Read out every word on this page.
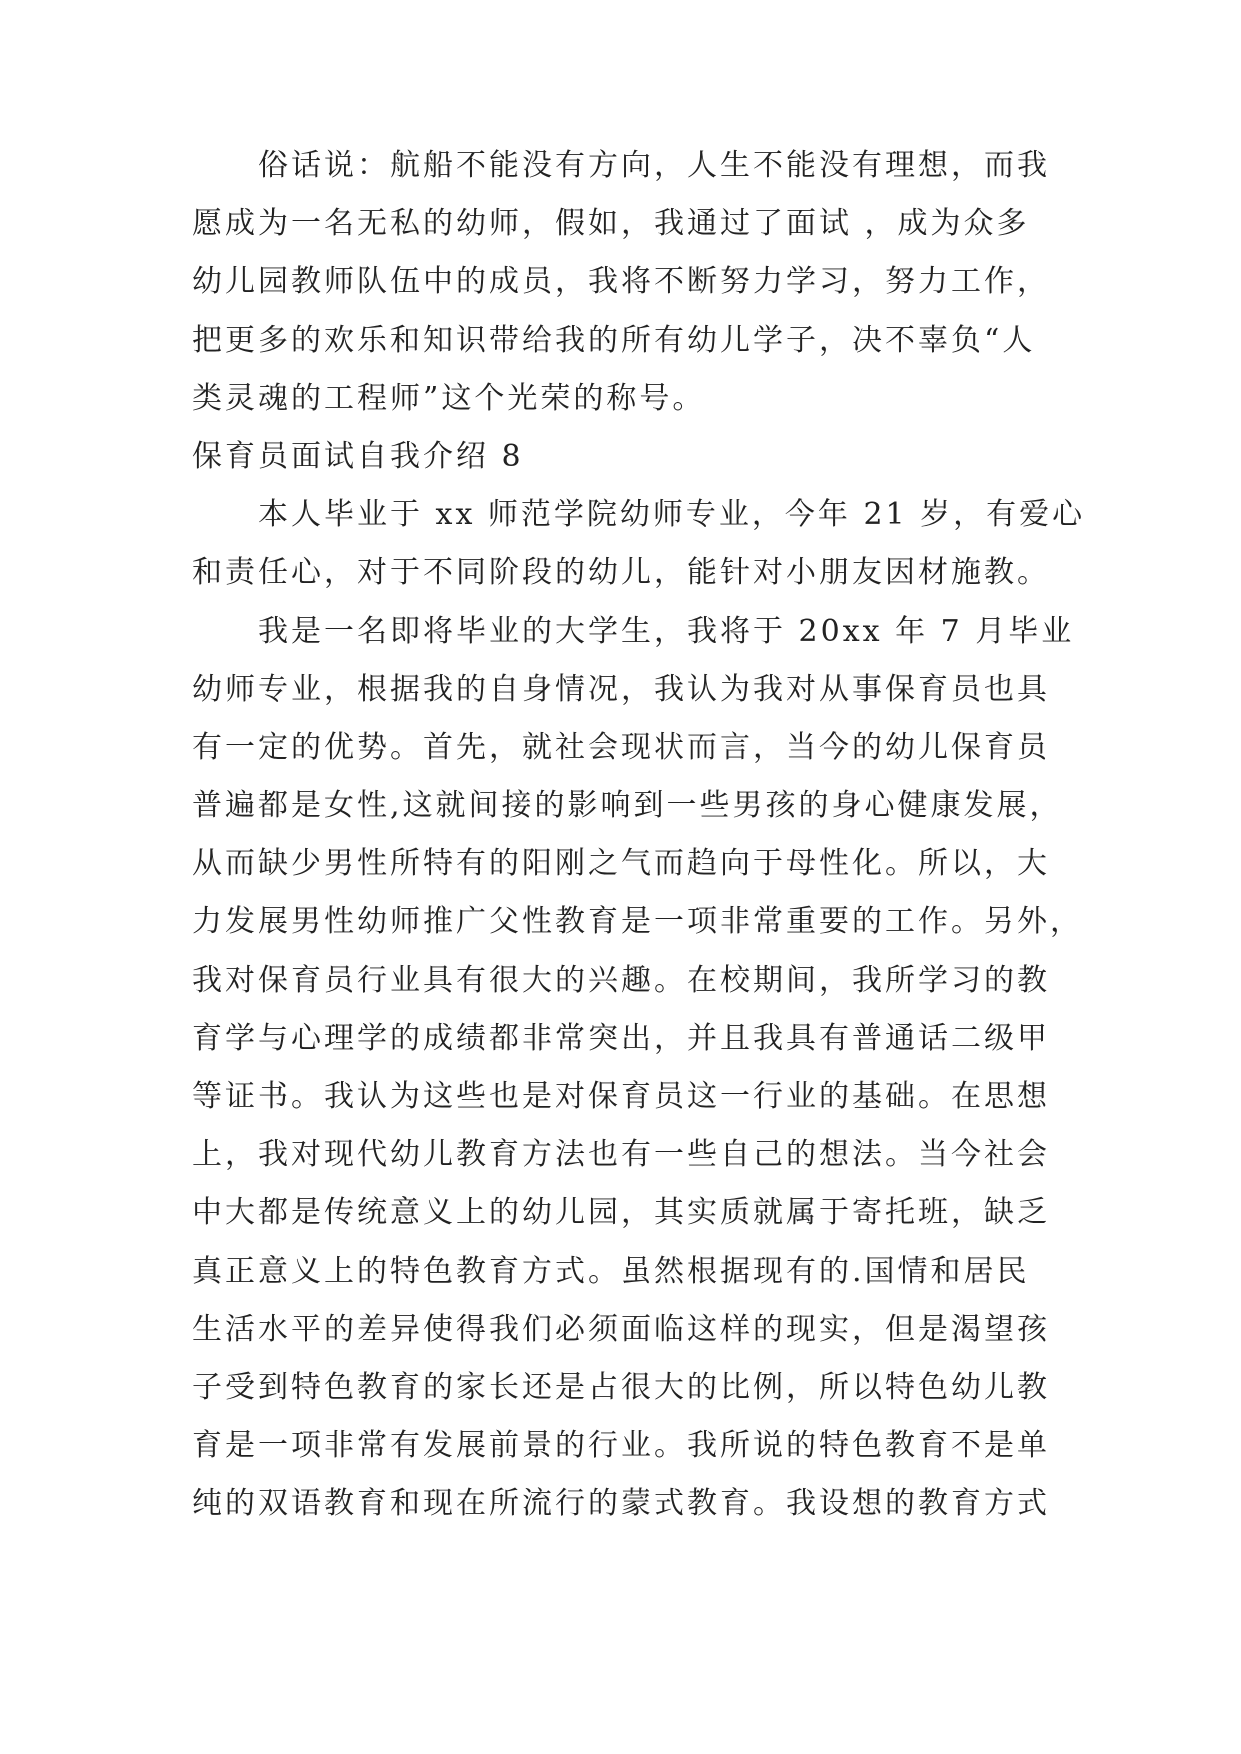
俗话说：航船不能没有方向，人生不能没有理想，而我
愿成为一名无私的幼师，假如，我通过了面试 ，成为众多
幼儿园教师队伍中的成员，我将不断努力学习，努力工作，
把更多的欢乐和知识带给我的所有幼儿学子，决不辜负“人
类灵魂的工程师”这个光荣的称号。
保育员面试自我介绍 8
本人毕业于 xx 师范学院幼师专业，今年 21 岁，有爱心
和责任心，对于不同阶段的幼儿，能针对小朋友因材施教。
我是一名即将毕业的大学生，我将于 20xx 年 7 月毕业
幼师专业，根据我的自身情况，我认为我对从事保育员也具
有一定的优势。首先，就社会现状而言，当今的幼儿保育员
普遍都是女性,这就间接的影响到一些男孩的身心健康发展，
从而缺少男性所特有的阳刚之气而趋向于母性化。所以，大
力发展男性幼师推广父性教育是一项非常重要的工作。另外，
我对保育员行业具有很大的兴趣。在校期间，我所学习的教
育学与心理学的成绩都非常突出，并且我具有普通话二级甲
等证书。我认为这些也是对保育员这一行业的基础。在思想
上，我对现代幼儿教育方法也有一些自己的想法。当今社会
中大都是传统意义上的幼儿园，其实质就属于寄托班，缺乏
真正意义上的特色教育方式。虽然根据现有的.国情和居民
生活水平的差异使得我们必须面临这样的现实，但是渴望孩
子受到特色教育的家长还是占很大的比例，所以特色幼儿教
育是一项非常有发展前景的行业。我所说的特色教育不是单
纯的双语教育和现在所流行的蒙式教育。我设想的教育方式
